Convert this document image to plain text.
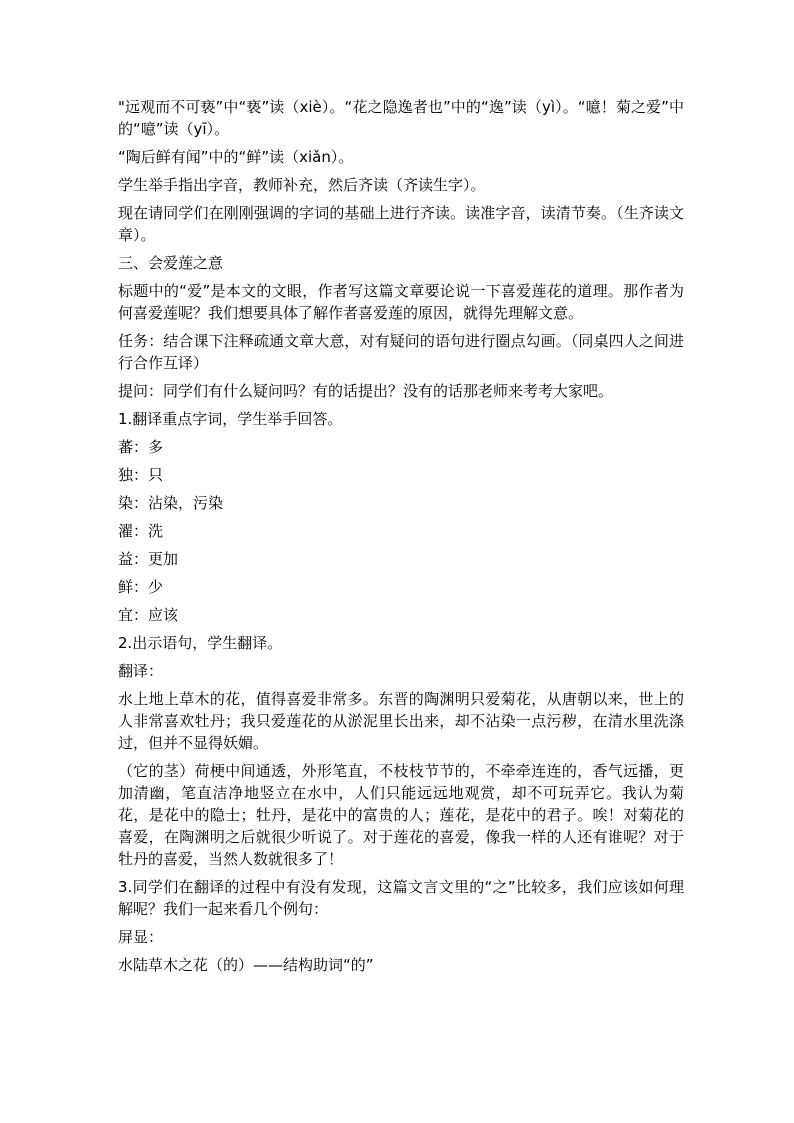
"远观而不可亵”中“亵”读（xiè）。“花之隐逸者也”中的“逸”读（yì）。“噫！菊之爱”中的“噫”读（yī）。

“陶后鲜有闻”中的“鲜”读（xiǎn）。

学生举手指出字音，教师补充，然后齐读（齐读生字）。

现在请同学们在刚刚强调的字词的基础上进行齐读。读准字音，读清节奏。（生齐读文章）。

三、会爱莲之意

标题中的“爱”是本文的文眼，作者写这篇文章要论说一下喜爱莲花的道理。那作者为何喜爱莲呢？我们想要具体了解作者喜爱莲的原因，就得先理解文意。

任务：结合课下注释疏通文章大意，对有疑问的语句进行圈点勾画。（同桌四人之间进行合作互译）

提问：同学们有什么疑问吗？有的话提出？没有的话那老师来考考大家吧。

1.翻译重点字词，学生举手回答。

蕃：多

独：只

染：沾染，污染

濯：洗

益：更加

鲜：少

宜：应该

2.出示语句，学生翻译。

翻译：

水上地上草木的花，值得喜爱非常多。东晋的陶渊明只爱菊花，从唐朝以来，世上的人非常喜欢牡丹；我只爱莲花的从淤泥里长出来，却不沾染一点污秽，在清水里洗涤过，但并不显得妖媚。

（它的茎）荷梗中间通透，外形笔直，不枝枝节节的，不牵牵连连的，香气远播，更加清幽，笔直洁净地竖立在水中，人们只能远远地观赏，却不可玩弄它。我认为菊花，是花中的隐士；牡丹，是花中的富贵的人；莲花，是花中的君子。唉！对菊花的喜爱，在陶渊明之后就很少听说了。对于莲花的喜爱，像我一样的人还有谁呢？对于牡丹的喜爱，当然人数就很多了！

3.同学们在翻译的过程中有没有发现，这篇文言文里的“之”比较多，我们应该如何理解呢？我们一起来看几个例句：

屏显：

水陆草木之花（的）——结构助词“的”
